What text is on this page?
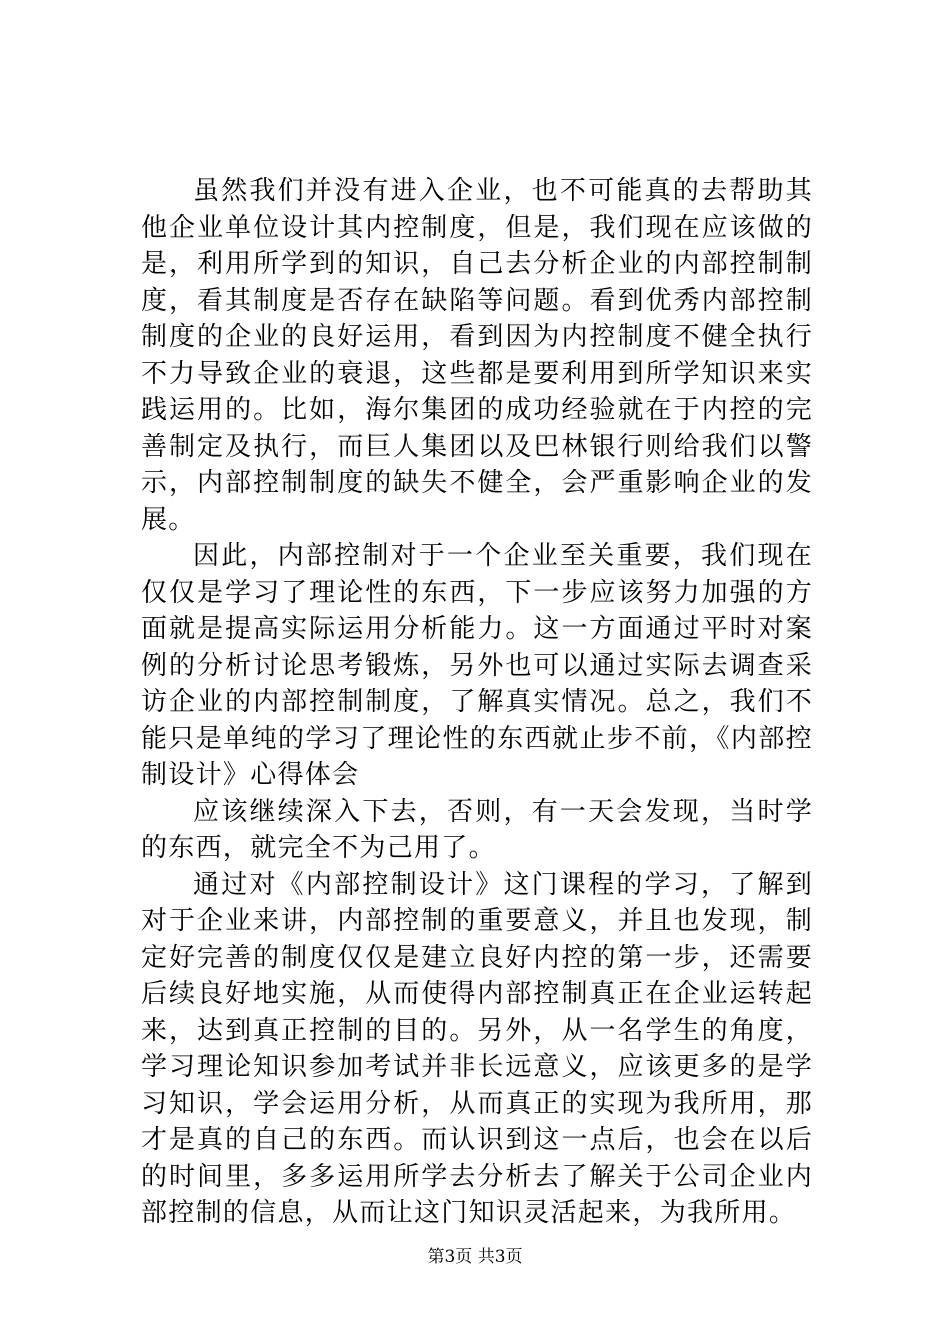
虽然我们并没有进入企业，也不可能真的去帮助其他企业单位设计其内控制度，但是，我们现在应该做的是，利用所学到的知识，自己去分析企业的内部控制制度，看其制度是否存在缺陷等问题。看到优秀内部控制制度的企业的良好运用，看到因为内控制度不健全执行不力导致企业的衰退，这些都是要利用到所学知识来实践运用的。比如，海尔集团的成功经验就在于内控的完善制定及执行，而巨人集团以及巴林银行则给我们以警示，内部控制制度的缺失不健全，会严重影响企业的发展。

因此，内部控制对于一个企业至关重要，我们现在仅仅是学习了理论性的东西，下一步应该努力加强的方面就是提高实际运用分析能力。这一方面通过平时对案例的分析讨论思考锻炼，另外也可以通过实际去调查采访企业的内部控制制度，了解真实情况。总之，我们不能只是单纯的学习了理论性的东西就止步不前，《内部控制设计》心得体会

应该继续深入下去，否则，有一天会发现，当时学的东西，就完全不为己用了。

通过对《内部控制设计》这门课程的学习，了解到对于企业来讲，内部控制的重要意义，并且也发现，制定好完善的制度仅仅是建立良好内控的第一步，还需要后续良好地实施，从而使得内部控制真正在企业运转起来，达到真正控制的目的。另外，从一名学生的角度，学习理论知识参加考试并非长远意义，应该更多的是学习知识，学会运用分析，从而真正的实现为我所用，那才是真的自己的东西。而认识到这一点后，也会在以后的时间里，多多运用所学去分析去了解关于公司企业内部控制的信息，从而让这门知识灵活起来，为我所用。

第3页 共3页
